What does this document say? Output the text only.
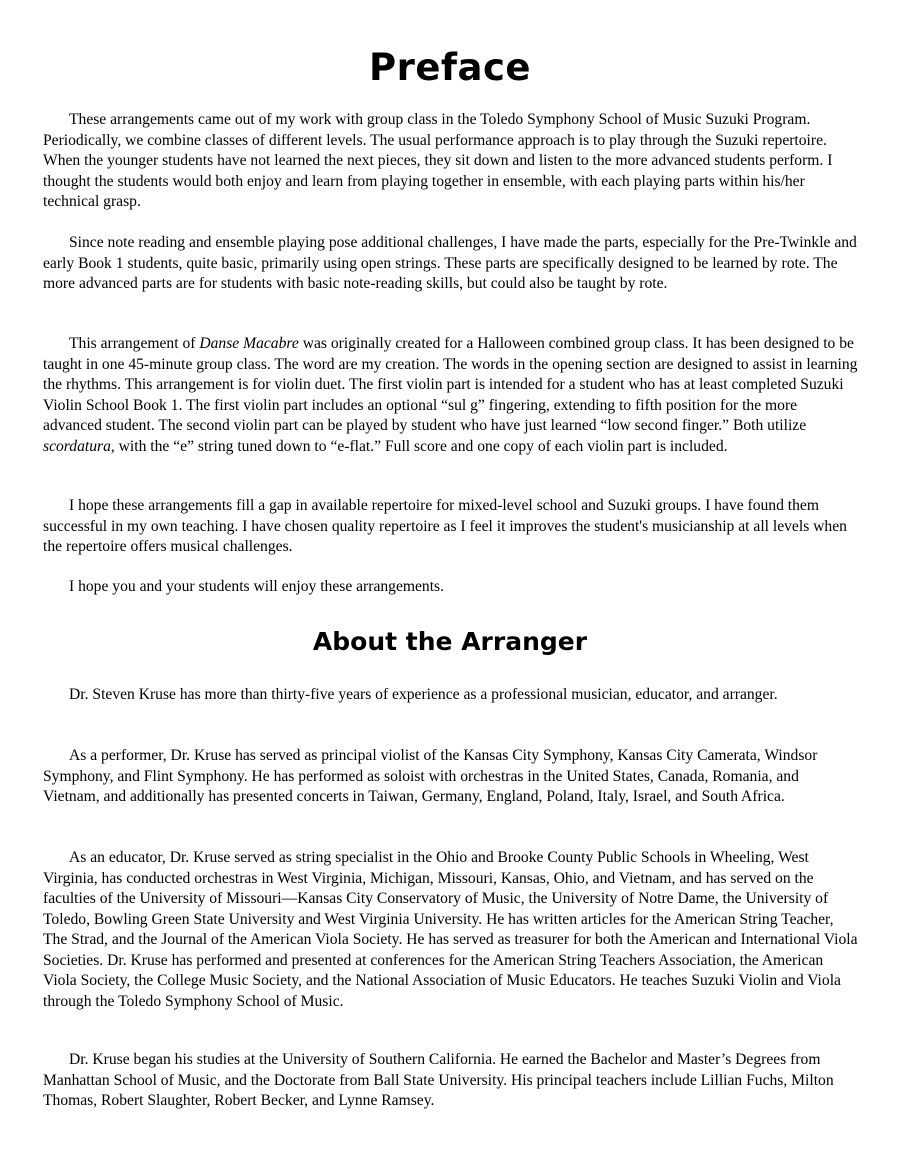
Preface

These arrangements came out of my work with group class in the Toledo Symphony School of Music Suzuki Program. Periodically, we combine classes of different levels. The usual performance approach is to play through the Suzuki repertoire. When the younger students have not learned the next pieces, they sit down and listen to the more advanced students perform. I thought the students would both enjoy and learn from playing together in ensemble, with each playing parts within his/her technical grasp.

Since note reading and ensemble playing pose additional challenges, I have made the parts, especially for the Pre-Twinkle and early Book 1 students, quite basic, primarily using open strings. These parts are specifically designed to be learned by rote. The more advanced parts are for students with basic note-reading skills, but could also be taught by rote.

This arrangement of Danse Macabre was originally created for a Halloween combined group class. It has been designed to be taught in one 45-minute group class. The word are my creation. The words in the opening section are designed to assist in learning the rhythms. This arrangement is for violin duet. The first violin part is intended for a student who has at least completed Suzuki Violin School Book 1. The first violin part includes an optional “sul g” fingering, extending to fifth position for the more advanced student. The second violin part can be played by student who have just learned “low second finger.” Both utilize scordatura, with the “e” string tuned down to “e-flat.” Full score and one copy of each violin part is included.

I hope these arrangements fill a gap in available repertoire for mixed-level school and Suzuki groups. I have found them successful in my own teaching. I have chosen quality repertoire as I feel it improves the student's musicianship at all levels when the repertoire offers musical challenges.

I hope you and your students will enjoy these arrangements.

About the Arranger

Dr. Steven Kruse has more than thirty-five years of experience as a professional musician, educator, and arranger.

As a performer, Dr. Kruse has served as principal violist of the Kansas City Symphony, Kansas City Camerata, Windsor Symphony, and Flint Symphony. He has performed as soloist with orchestras in the United States, Canada, Romania, and Vietnam, and additionally has presented concerts in Taiwan, Germany, England, Poland, Italy, Israel, and South Africa.

As an educator, Dr. Kruse served as string specialist in the Ohio and Brooke County Public Schools in Wheeling, West Virginia, has conducted orchestras in West Virginia, Michigan, Missouri, Kansas, Ohio, and Vietnam, and has served on the faculties of the University of Missouri—Kansas City Conservatory of Music, the University of Notre Dame, the University of Toledo, Bowling Green State University and West Virginia University. He has written articles for the American String Teacher, The Strad, and the Journal of the American Viola Society. He has served as treasurer for both the American and International Viola Societies. Dr. Kruse has performed and presented at conferences for the American String Teachers Association, the American Viola Society, the College Music Society, and the National Association of Music Educators. He teaches Suzuki Violin and Viola through the Toledo Symphony School of Music.

Dr. Kruse began his studies at the University of Southern California. He earned the Bachelor and Master’s Degrees from Manhattan School of Music, and the Doctorate from Ball State University. His principal teachers include Lillian Fuchs, Milton Thomas, Robert Slaughter, Robert Becker, and Lynne Ramsey.
